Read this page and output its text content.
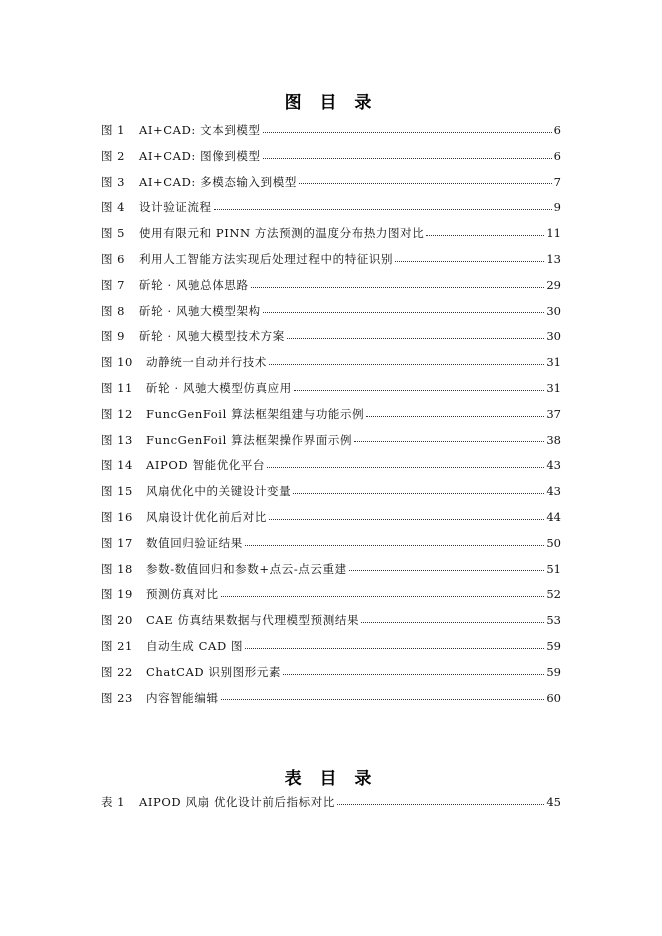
图 目 录
图 1	AI+CAD: 文本到模型	6
图 2	AI+CAD: 图像到模型	6
图 3	AI+CAD: 多模态输入到模型	7
图 4	设计验证流程	9
图 5	使用有限元和 PINN 方法预测的温度分布热力图对比	11
图 6	利用人工智能方法实现后处理过程中的特征识别	13
图 7	斫轮 · 风驰总体思路	29
图 8	斫轮 · 风驰大模型架构	30
图 9	斫轮 · 风驰大模型技术方案	30
图 10	动静统一自动并行技术	31
图 11	斫轮 · 风驰大模型仿真应用	31
图 12	FuncGenFoil 算法框架组建与功能示例	37
图 13	FuncGenFoil 算法框架操作界面示例	38
图 14	AIPOD 智能优化平台	43
图 15	风扇优化中的关键设计变量	43
图 16	风扇设计优化前后对比	44
图 17	数值回归验证结果	50
图 18	参数-数值回归和参数+点云-点云重建	51
图 19	预测仿真对比	52
图 20	CAE 仿真结果数据与代理模型预测结果	53
图 21	自动生成 CAD 图	59
图 22	ChatCAD 识别图形元素	59
图 23	内容智能编辑	60
表 目 录
表 1	AIPOD 风扇 优化设计前后指标对比	45
